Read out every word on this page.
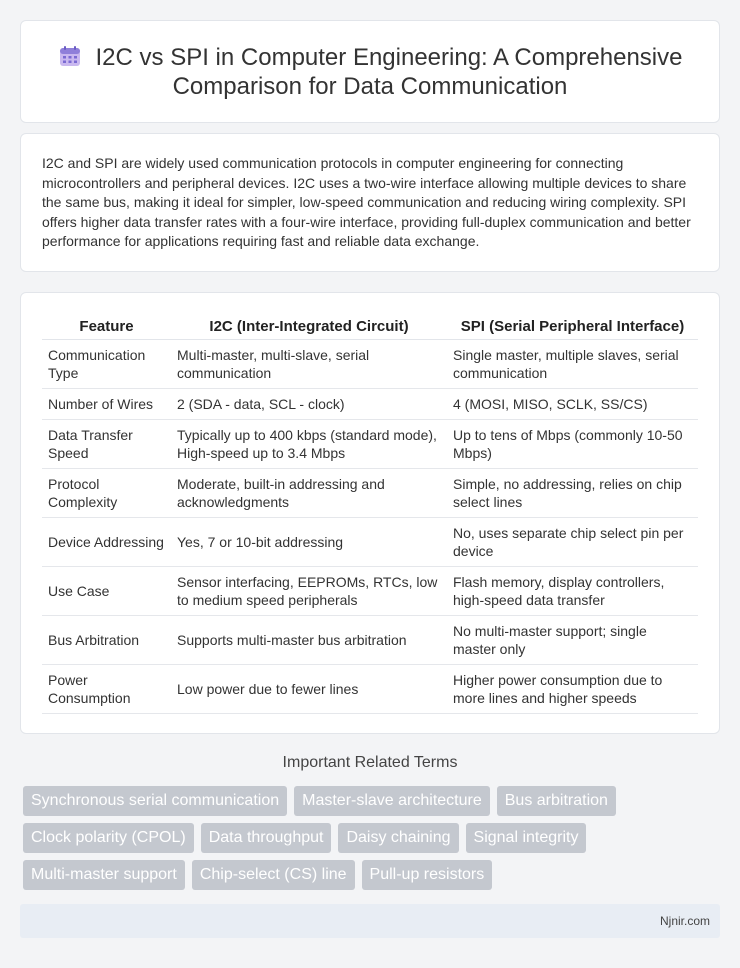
I2C vs SPI in Computer Engineering: A Comprehensive
Comparison for Data Communication

I2C and SPI are widely used communication protocols in computer engineering for connecting microcontrollers and peripheral devices. I2C uses a two-wire interface allowing multiple devices to share the same bus, making it ideal for simpler, low-speed communication and reducing wiring complexity. SPI offers higher data transfer rates with a four-wire interface, providing full-duplex communication and better performance for applications requiring fast and reliable data exchange.

Feature	I2C (Inter-Integrated Circuit)	SPI (Serial Peripheral Interface)
Communication Type	Multi-master, multi-slave, serial communication	Single master, multiple slaves, serial communication
Number of Wires	2 (SDA - data, SCL - clock)	4 (MOSI, MISO, SCLK, SS/CS)
Data Transfer Speed	Typically up to 400 kbps (standard mode), High-speed up to 3.4 Mbps	Up to tens of Mbps (commonly 10-50 Mbps)
Protocol Complexity	Moderate, built-in addressing and acknowledgments	Simple, no addressing, relies on chip select lines
Device Addressing	Yes, 7 or 10-bit addressing	No, uses separate chip select pin per device
Use Case	Sensor interfacing, EEPROMs, RTCs, low to medium speed peripherals	Flash memory, display controllers, high-speed data transfer
Bus Arbitration	Supports multi-master bus arbitration	No multi-master support; single master only
Power Consumption	Low power due to fewer lines	Higher power consumption due to more lines and higher speeds
Important Related Terms
Synchronous serial communication	Master-slave architecture	Bus arbitration
Clock polarity (CPOL)	Data throughput	Daisy chaining	Signal integrity
Multi-master support	Chip-select (CS) line	Pull-up resistors
Njnir.com
